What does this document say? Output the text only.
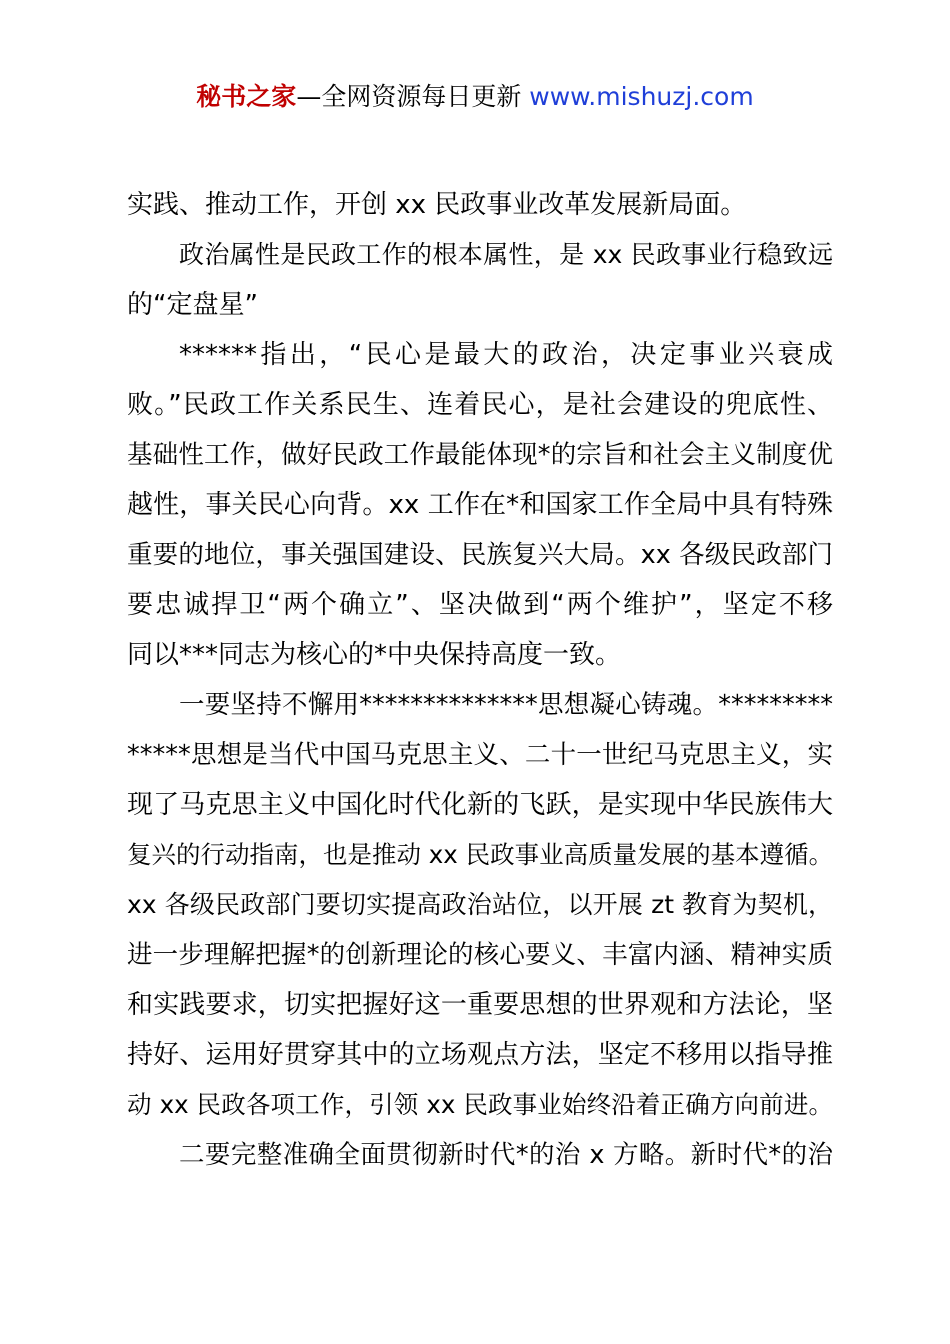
秘书之家—全网资源每日更新 www.mishuzj.com
实践、推动工作，开创 xx 民政事业改革发展新局面。
政治属性是民政工作的根本属性，是 xx 民政事业行稳致远
的“定盘星”
******指出，“民心是最大的政治，决定事业兴衰成
败。”民政工作关系民生、连着民心，是社会建设的兜底性、
基础性工作，做好民政工作最能体现*的宗旨和社会主义制度优
越性，事关民心向背。xx 工作在*和国家工作全局中具有特殊
重要的地位，事关强国建设、民族复兴大局。xx 各级民政部门
要忠诚捍卫“两个确立”、坚决做到“两个维护”，坚定不移
同以***同志为核心的*中央保持高度一致。
一要坚持不懈用**************思想凝心铸魂。*********
*****思想是当代中国马克思主义、二十一世纪马克思主义，实
现了马克思主义中国化时代化新的飞跃，是实现中华民族伟大
复兴的行动指南，也是推动 xx 民政事业高质量发展的基本遵循。
xx 各级民政部门要切实提高政治站位，以开展 zt 教育为契机，
进一步理解把握*的创新理论的核心要义、丰富内涵、精神实质
和实践要求，切实把握好这一重要思想的世界观和方法论，坚
持好、运用好贯穿其中的立场观点方法，坚定不移用以指导推
动 xx 民政各项工作，引领 xx 民政事业始终沿着正确方向前进。
二要完整准确全面贯彻新时代*的治 x 方略。新时代*的治
